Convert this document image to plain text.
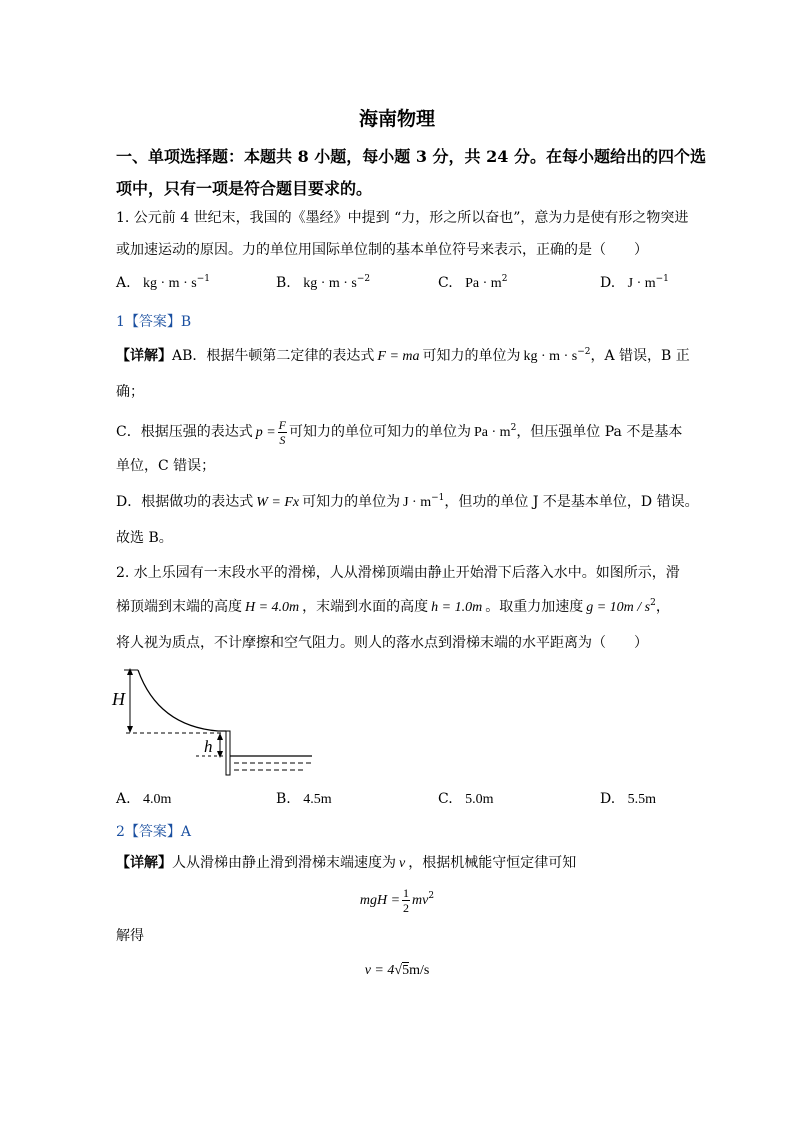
海南物理
一、单项选择题：本题共 8 小题，每小题 3 分，共 24 分。在每小题给出的四个选
项中，只有一项是符合题目要求的。
1. 公元前 4 世纪末，我国的《墨经》中提到 “力，形之所以奋也”，意为力是使有形之物突进
或加速运动的原因。力的单位用国际单位制的基本单位符号来表示，正确的是（　　）
A. kg · $m \cdot s^{-1}$	B. kg · $m \cdot s^{-2}$	C. $Pa \cdot m^2$	D. $J \cdot m^{-1}$
1【答案】B
【详解】AB．根据牛顿第二定律的表达式 F = ma 可知力的单位为 kg · $m \cdot s^{-2}$，A 错误，B 正
确；
C．根据压强的表达式 $p = \frac{F}{S}$ 可知力的单位可知力的单位为 $Pa \cdot m^2$，但压强单位 Pa 不是基本
单位，C 错误；
D．根据做功的表达式 W = Fx 可知力的单位为 $J \cdot m^{-1}$，但功的单位 J 不是基本单位，D 错误。
故选 B。
2. 水上乐园有一末段水平的滑梯，人从滑梯顶端由静止开始滑下后落入水中。如图所示，滑
梯顶端到末端的高度 H = 4.0m ，末端到水面的高度 h = 1.0m 。取重力加速度 $g = 10m / s^2$，
将人视为质点，不计摩擦和空气阻力。则人的落水点到滑梯末端的水平距离为（　　）
H
h
A. 4.0m	B. 4.5m	C. 5.0m	D. 5.5m
2【答案】A
【详解】人从滑梯由静止滑到滑梯末端速度为 v ，根据机械能守恒定律可知
mgH = $\frac{1}{2} mv^2$
解得
v = 4√5m/s
